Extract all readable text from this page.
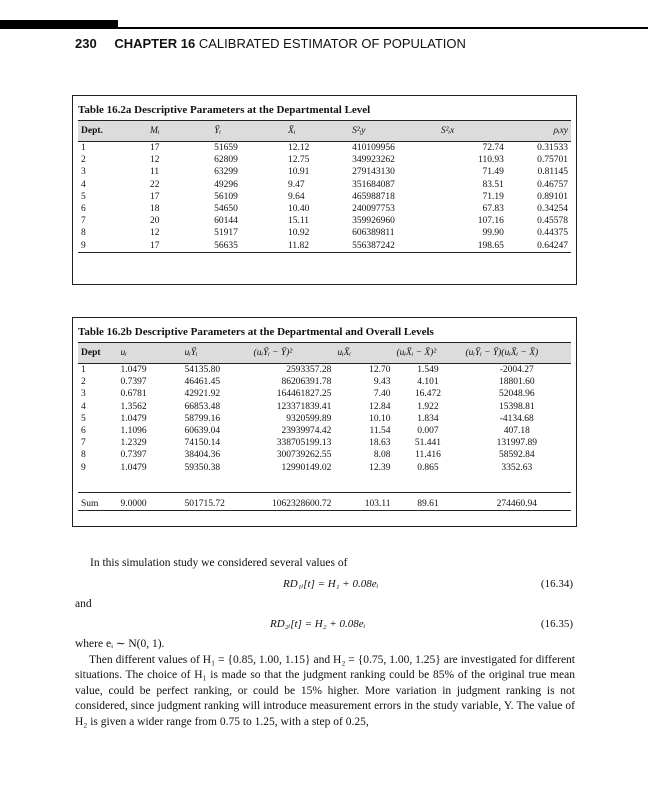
230 CHAPTER 16 CALIBRATED ESTIMATOR OF POPULATION
Table 16.2a Descriptive Parameters at the Departmental Level
Dept.	Mᵢ	Ȳᵢ	X̄ᵢ	S²ᵢy	S²ᵢx	ρᵢxy
1	17	51659	12.12	410109956	72.74	0.31533
2	12	62809	12.75	349923262	110.93	0.75701
3	11	63299	10.91	279143130	71.49	0.81145
4	22	49296	9.47	351684087	83.51	0.46757
5	17	56109	9.64	465988718	71.19	0.89101
6	18	54650	10.40	240097753	67.83	0.34254
7	20	60144	15.11	359926960	107.16	0.45578
8	12	51917	10.92	606389811	99.90	0.44375
9	17	56635	11.82	556387242	198.65	0.64247
Table 16.2b Descriptive Parameters at the Departmental and Overall Levels
Dept	uᵢ	uᵢȲᵢ	(uᵢȲᵢ − Ȳ)²	uᵢX̄ᵢ	(uᵢX̄ᵢ − X̄)²	(uᵢȲᵢ − Ȳ)(uᵢX̄ᵢ − X̄)
1	1.0479	54135.80	2593357.28	12.70	1.549	-2004.27
2	0.7397	46461.45	86206391.78	9.43	4.101	18801.60
3	0.6781	42921.92	164461827.25	7.40	16.472	52048.96
4	1.3562	66853.48	123371839.41	12.84	1.922	15398.81
5	1.0479	58799.16	9320599.89	10.10	1.834	-4134.68
6	1.1096	60639.04	23939974.42	11.54	0.007	407.18
7	1.2329	74150.14	338705199.13	18.63	51.441	131997.89
8	0.7397	38404.36	300739262.55	8.08	11.416	58592.84
9	1.0479	59350.38	12990149.02	12.39	0.865	3352.63

Sum	9.0000	501715.72	1062328600.72	103.11	89.61	274460.94
In this simulation study we considered several values of
RD₁ᵢ[t] = H₁ + 0.08eᵢ	(16.34)
and
RD₂ᵢ[t] = H₂ + 0.08eᵢ	(16.35)

where eᵢ ∼ N(0, 1).

Then different values of H₁ = {0.85, 1.00, 1.15} and H₂ = {0.75, 1.00, 1.25} are investigated for different situations. The choice of H₁ is made so that the judgment ranking could be 85% of the original true mean value, could be perfect ranking, or could be 15% higher. More variation in judgment ranking is not considered, since judgment ranking will introduce measurement errors in the study variable, Y. The value of H₂ is given a wider range from 0.75 to 1.25, with a step of 0.25,
